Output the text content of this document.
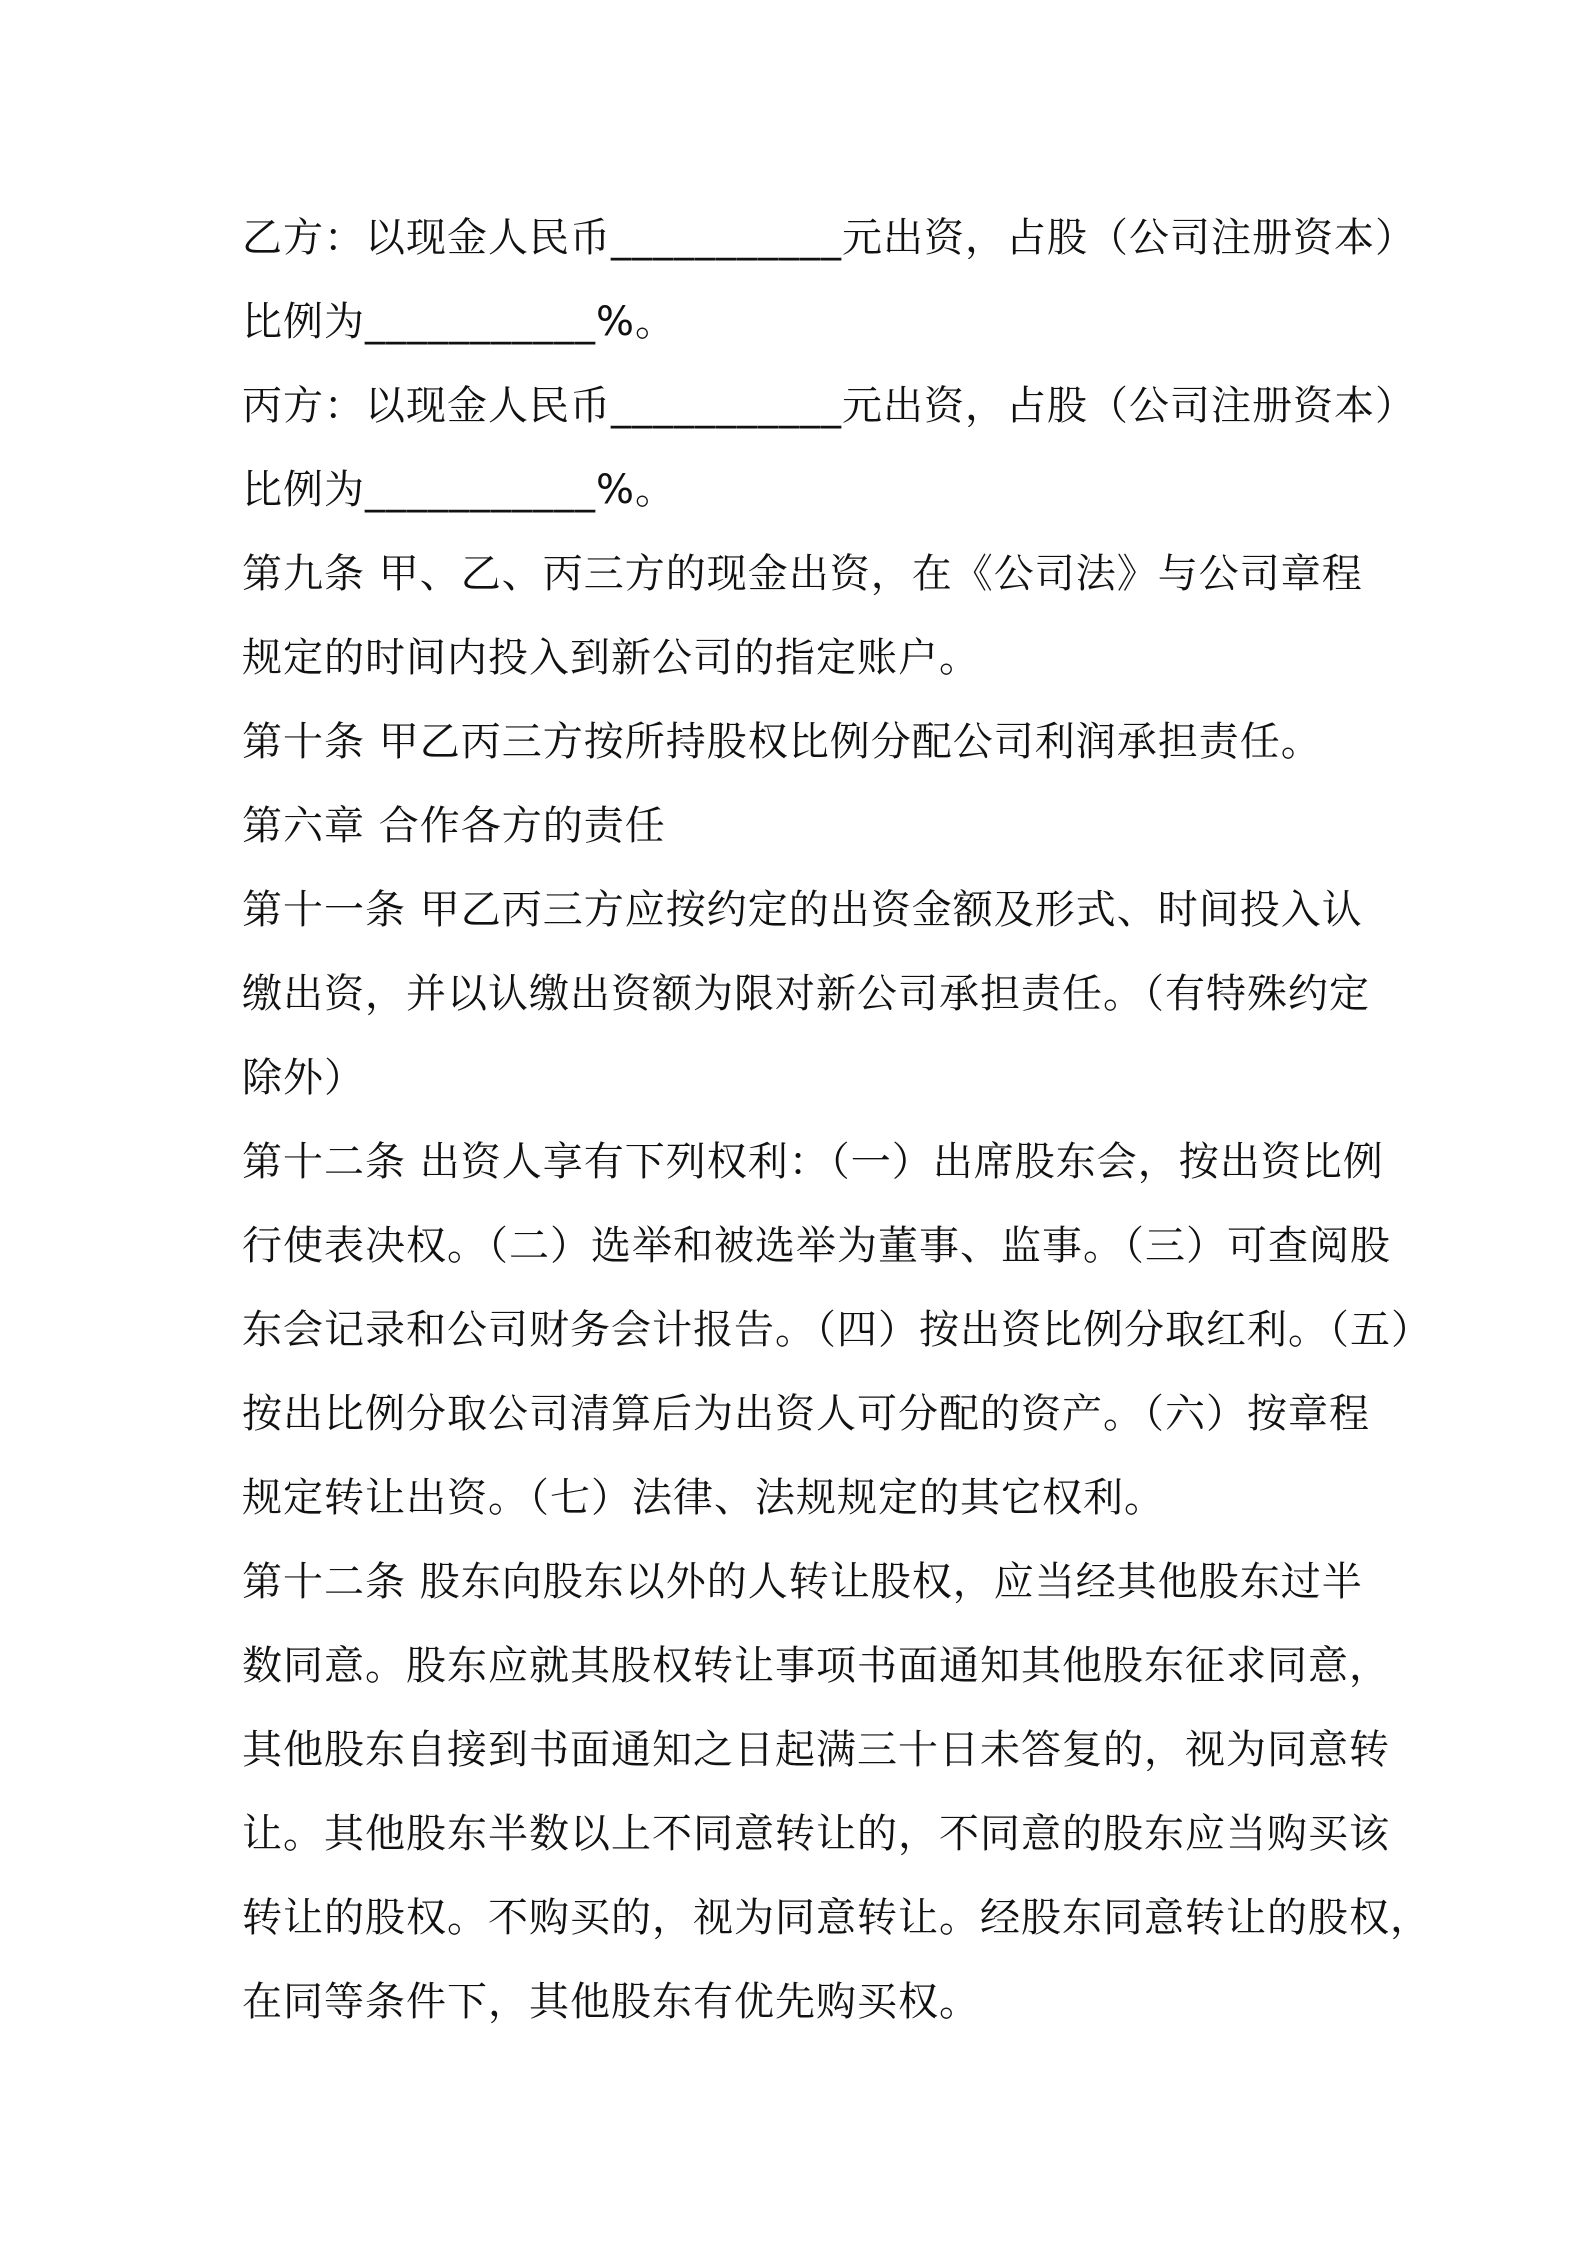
乙方：以现金人民币___________元出资，占股（公司注册资本）
比例为___________%。

丙方：以现金人民币___________元出资，占股（公司注册资本）
比例为___________%。

第九条 甲、乙、丙三方的现金出资，在《公司法》与公司章程
规定的时间内投入到新公司的指定账户。

第十条 甲乙丙三方按所持股权比例分配公司利润承担责任。

第六章 合作各方的责任

第十一条 甲乙丙三方应按约定的出资金额及形式、时间投入认
缴出资，并以认缴出资额为限对新公司承担责任。（有特殊约定
除外）

第十二条 出资人享有下列权利：（一）出席股东会，按出资比例
行使表决权。（二）选举和被选举为董事、监事。（三）可查阅股
东会记录和公司财务会计报告。（四）按出资比例分取红利。（五）
按出比例分取公司清算后为出资人可分配的资产。（六）按章程
规定转让出资。（七）法律、法规规定的其它权利。

第十二条 股东向股东以外的人转让股权，应当经其他股东过半
数同意。股东应就其股权转让事项书面通知其他股东征求同意，
其他股东自接到书面通知之日起满三十日未答复的，视为同意转
让。其他股东半数以上不同意转让的，不同意的股东应当购买该
转让的股权。不购买的，视为同意转让。经股东同意转让的股权，
在同等条件下，其他股东有优先购买权。
